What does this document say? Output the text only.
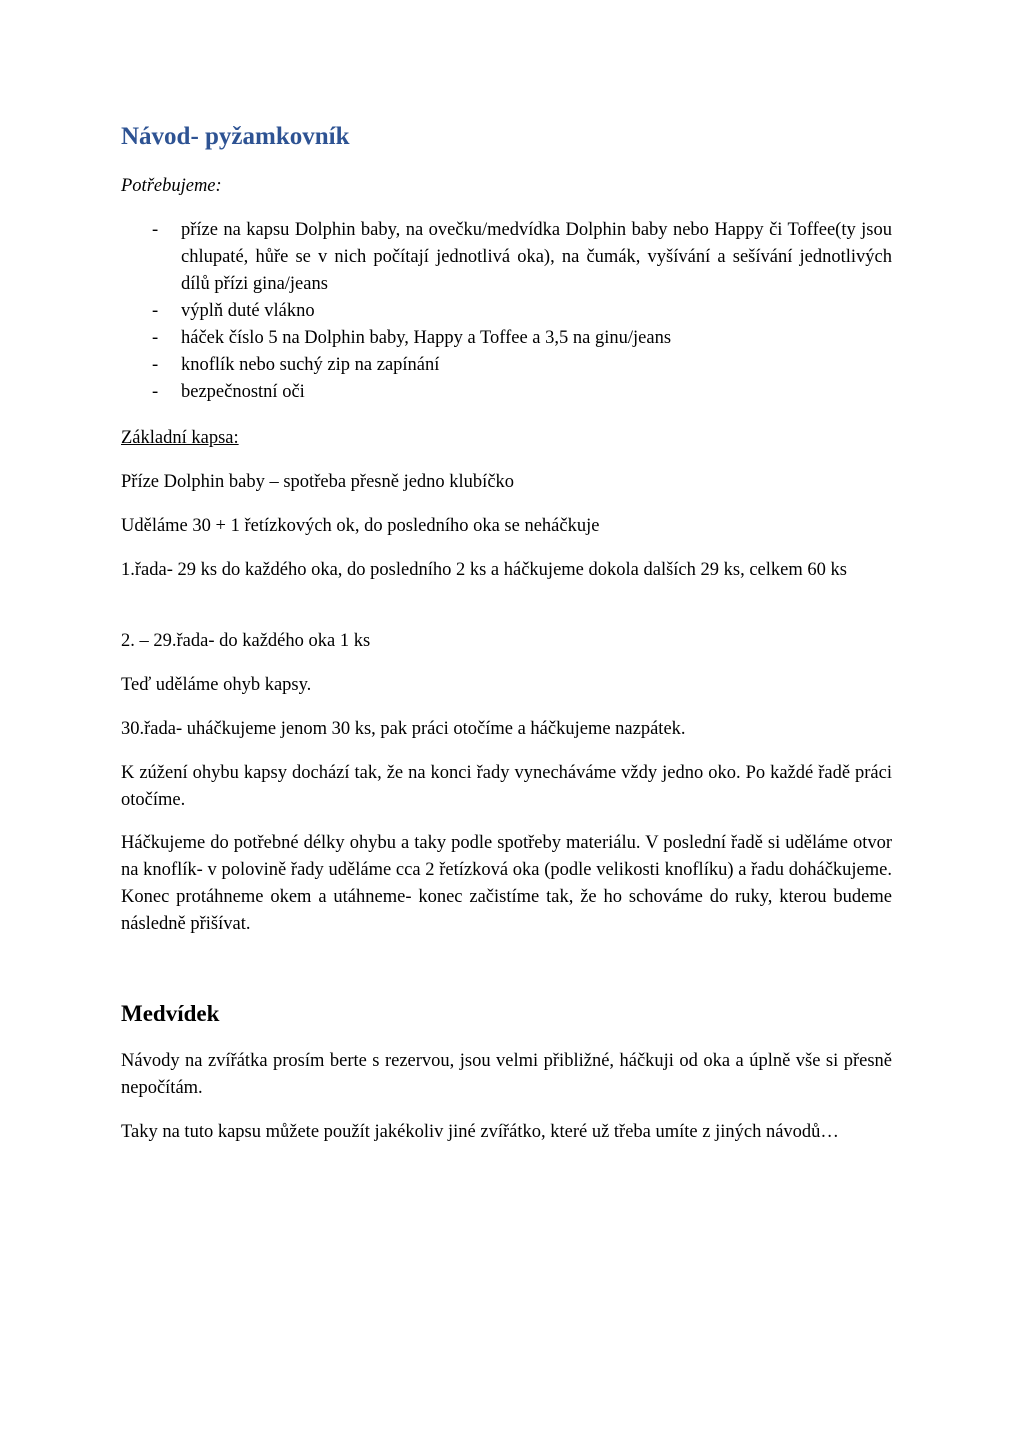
Návod- pyžamkovník

Potřebujeme:

- příze na kapsu Dolphin baby, na ovečku/medvídka Dolphin baby nebo Happy či Toffee(ty jsou chlupaté, hůře se v nich počítají jednotlivá oka), na čumák, vyšívání a sešívání jednotlivých dílů přízi gina/jeans
- výplň duté vlákno
- háček číslo 5 na Dolphin baby, Happy a Toffee a 3,5 na ginu/jeans
- knoflík nebo suchý zip na zapínání
- bezpečnostní oči

Základní kapsa:

Příze Dolphin baby – spotřeba přesně jedno klubíčko

Uděláme 30 + 1 řetízkových ok, do posledního oka se neháčkuje

1.řada- 29 ks do každého oka, do posledního 2 ks a háčkujeme dokola dalších 29 ks, celkem 60 ks

2. – 29.řada- do každého oka 1 ks

Teď uděláme ohyb kapsy.

30.řada- uháčkujeme jenom 30 ks, pak práci otočíme a háčkujeme nazpátek.

K zúžení ohybu kapsy dochází tak, že na konci řady vynecháváme vždy jedno oko. Po každé řadě práci otočíme.

Háčkujeme do potřebné délky ohybu a taky podle spotřeby materiálu. V poslední řadě si uděláme otvor na knoflík- v polovině řady uděláme cca 2 řetízková oka (podle velikosti knoflíku) a řadu doháčkujeme. Konec protáhneme okem a utáhneme- konec začistíme tak, že ho schováme do ruky, kterou budeme následně přišívat.

Medvídek

Návody na zvířátka prosím berte s rezervou, jsou velmi přibližné, háčkuji od oka a úplně vše si přesně nepočítám.

Taky na tuto kapsu můžete použít jakékoliv jiné zvířátko, které už třeba umíte z jiných návodů…
